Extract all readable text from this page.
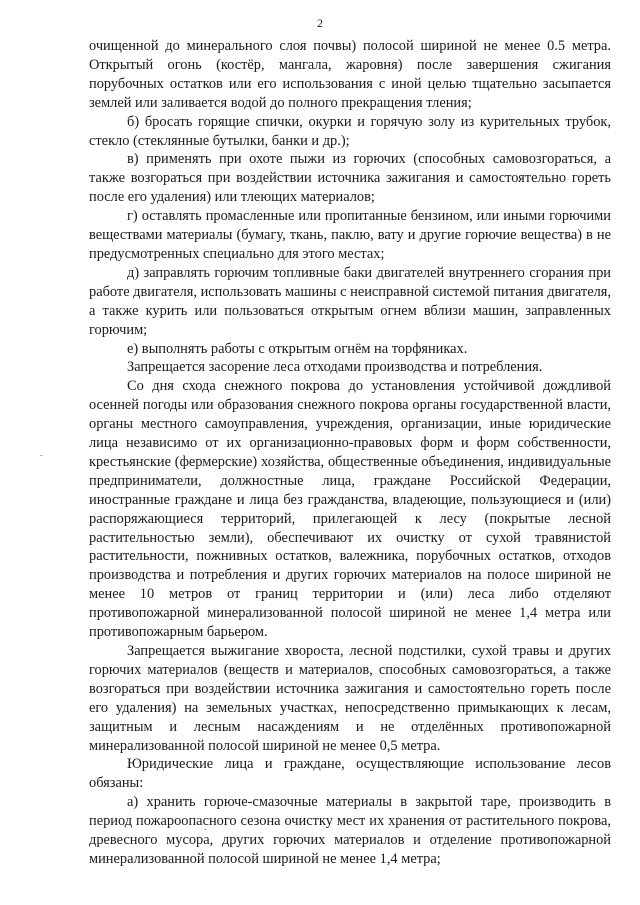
2

очищенной до минерального слоя почвы) полосой шириной не менее 0.5 метра. Открытый огонь (костёр, мангала, жаровня) после завершения сжигания порубочных остатков или его использования с иной целью тщательно засыпается землей или заливается водой до полного прекращения тления;

б) бросать горящие спички, окурки и горячую золу из курительных трубок, стекло (стеклянные бутылки, банки и др.);

в) применять при охоте пыжи из горючих (способных самовозгораться, а также возгораться при воздействии источника зажигания и самостоятельно гореть после его удаления) или тлеющих материалов;

г) оставлять промасленные или пропитанные бензином, или иными горючими веществами материалы (бумагу, ткань, паклю, вату и другие горючие вещества) в не предусмотренных специально для этого местах;

д) заправлять горючим топливные баки двигателей внутреннего сгорания при работе двигателя, использовать машины с неисправной системой питания двигателя, а также курить или пользоваться открытым огнем вблизи машин, заправленных горючим;

е) выполнять работы с открытым огнём на торфяниках.

Запрещается засорение леса отходами производства и потребления.

Со дня схода снежного покрова до установления устойчивой дождливой осенней погоды или образования снежного покрова органы государственной власти, органы местного самоуправления, учреждения, организации, иные юридические лица независимо от их организационно-правовых форм и форм собственности, крестьянские (фермерские) хозяйства, общественные объединения, индивидуальные предприниматели, должностные лица, граждане Российской Федерации, иностранные граждане и лица без гражданства, владеющие, пользующиеся и (или) распоряжающиеся территорий, прилегающей к лесу (покрытые лесной растительностью земли), обеспечивают их очистку от сухой травянистой растительности, пожнивных остатков, валежника, порубочных остатков, отходов производства и потребления и других горючих материалов на полосе шириной не менее 10 метров от границ территории и (или) леса либо отделяют противопожарной минерализованной полосой шириной не менее 1,4 метра или противопожарным барьером.

Запрещается выжигание хвороста, лесной подстилки, сухой травы и других горючих материалов (веществ и материалов, способных самовозгораться, а также возгораться при воздействии источника зажигания и самостоятельно гореть после его удаления) на земельных участках, непосредственно примыкающих к лесам, защитным и лесным насаждениям и не отделённых противопожарной минерализованной полосой шириной не менее 0,5 метра.

Юридические лица и граждане, осуществляющие использование лесов обязаны:

а) хранить горюче-смазочные материалы в закрытой таре, производить в период пожароопасного сезона очистку мест их хранения от растительного покрова, древесного мусора, других горючих материалов и отделение противопожарной минерализованной полосой шириной не менее 1,4 метра;
